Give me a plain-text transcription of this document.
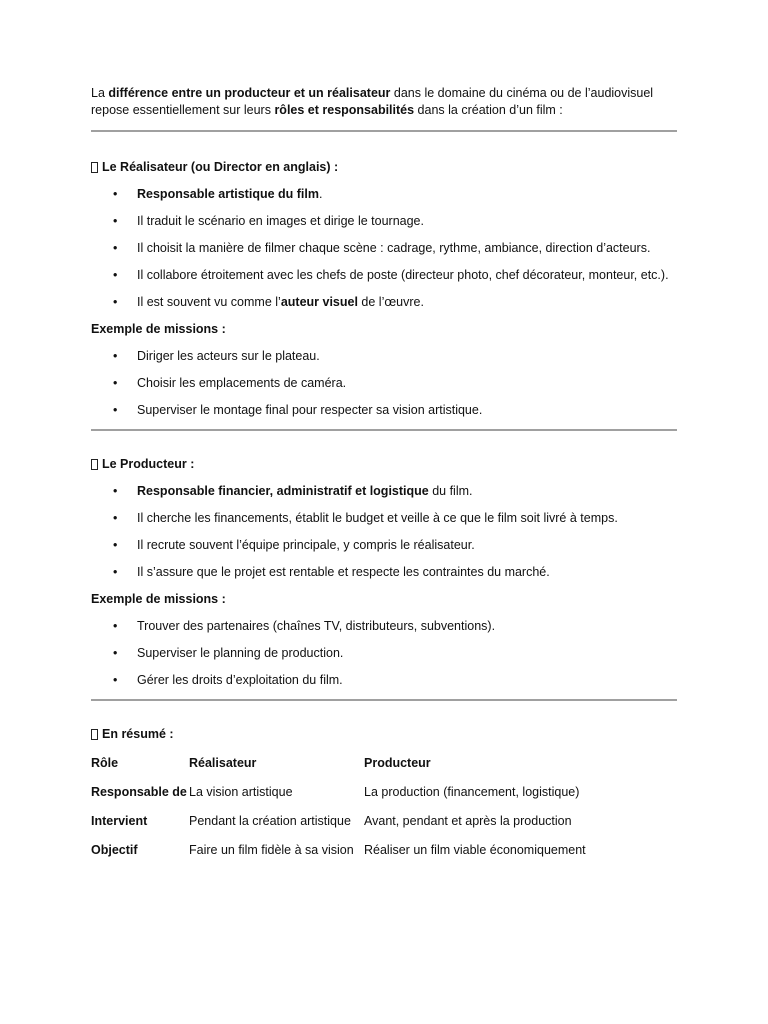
La différence entre un producteur et un réalisateur dans le domaine du cinéma ou de l’audiovisuel repose essentiellement sur leurs rôles et responsabilités dans la création d’un film :

Le Réalisateur (ou Director en anglais) :

• Responsable artistique du film.
• Il traduit le scénario en images et dirige le tournage.
• Il choisit la manière de filmer chaque scène : cadrage, rythme, ambiance, direction d’acteurs.
• Il collabore étroitement avec les chefs de poste (directeur photo, chef décorateur, monteur, etc.).
• Il est souvent vu comme l’auteur visuel de l’œuvre.

Exemple de missions :

• Diriger les acteurs sur le plateau.
• Choisir les emplacements de caméra.
• Superviser le montage final pour respecter sa vision artistique.

Le Producteur :

• Responsable financier, administratif et logistique du film.
• Il cherche les financements, établit le budget et veille à ce que le film soit livré à temps.
• Il recrute souvent l’équipe principale, y compris le réalisateur.
• Il s’assure que le projet est rentable et respecte les contraintes du marché.

Exemple de missions :

• Trouver des partenaires (chaînes TV, distributeurs, subventions).
• Superviser le planning de production.
• Gérer les droits d’exploitation du film.

En résumé :

Rôle	Réalisateur	Producteur
Responsable de	La vision artistique	La production (financement, logistique)
Intervient	Pendant la création artistique	Avant, pendant et après la production
Objectif	Faire un film fidèle à sa vision	Réaliser un film viable économiquement
